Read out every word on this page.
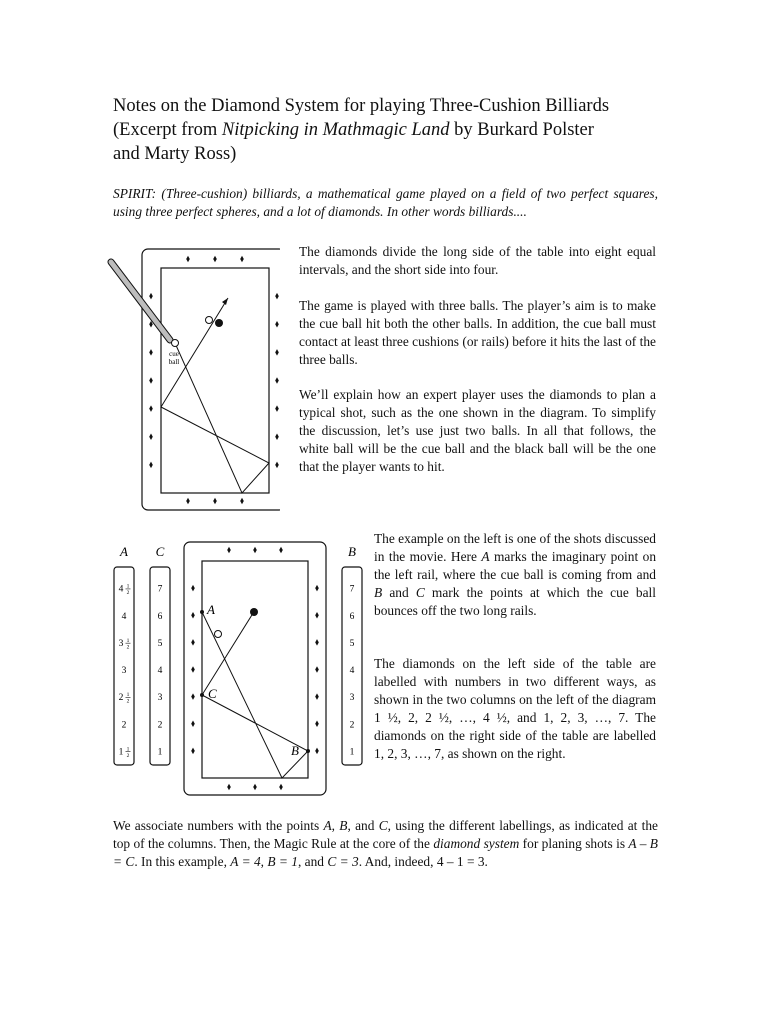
Notes on the Diamond System for playing Three-Cushion Billiards
(Excerpt from Nitpicking in Mathmagic Land by Burkard Polster
and Marty Ross)
SPIRIT: (Three-cushion) billiards, a mathematical game played on a field of two perfect squares, using three perfect spheres, and a lot of diamonds. In other words billiards....
cue
ball
The diamonds divide the long side of the table into eight equal intervals, and the short side into four.
The game is played with three balls. The player’s aim is to make the cue ball hit both the other balls. In addition, the cue ball must contact at least three cushions (or rails) before it hits the last of the three balls.
We’ll explain how an expert player uses the diamonds to plan a typical shot, such as the one shown in the diagram. To simplify the discussion, let’s use just two balls. In all that follows, the white ball will be the cue ball and the black ball will be the one that the player wants to hit.
A C	B
4 1
2
4
3 1
2
3
2 1
2
2
1 1
2
7
6
5
4
3
2
1
7
6
5
4
3
2
1
A
C
B
The example on the left is one of the shots discussed in the movie. Here A marks the imaginary point on the left rail, where the cue ball is coming from and B and C mark the points at which the cue ball bounces off the two long rails.
The diamonds on the left side of the table are labelled with numbers in two different ways, as shown in the two columns on the left of the diagram 1 ½, 2, 2 ½, …, 4 ½, and 1, 2, 3, …, 7. The diamonds on the right side of the table are labelled 1, 2, 3, …, 7, as shown on the right.
We associate numbers with the points A, B, and C, using the different labellings, as indicated at the top of the columns. Then, the Magic Rule at the core of the diamond system for planing shots is A – B = C. In this example, A = 4, B = 1, and C = 3. And, indeed, 4 – 1 = 3.
